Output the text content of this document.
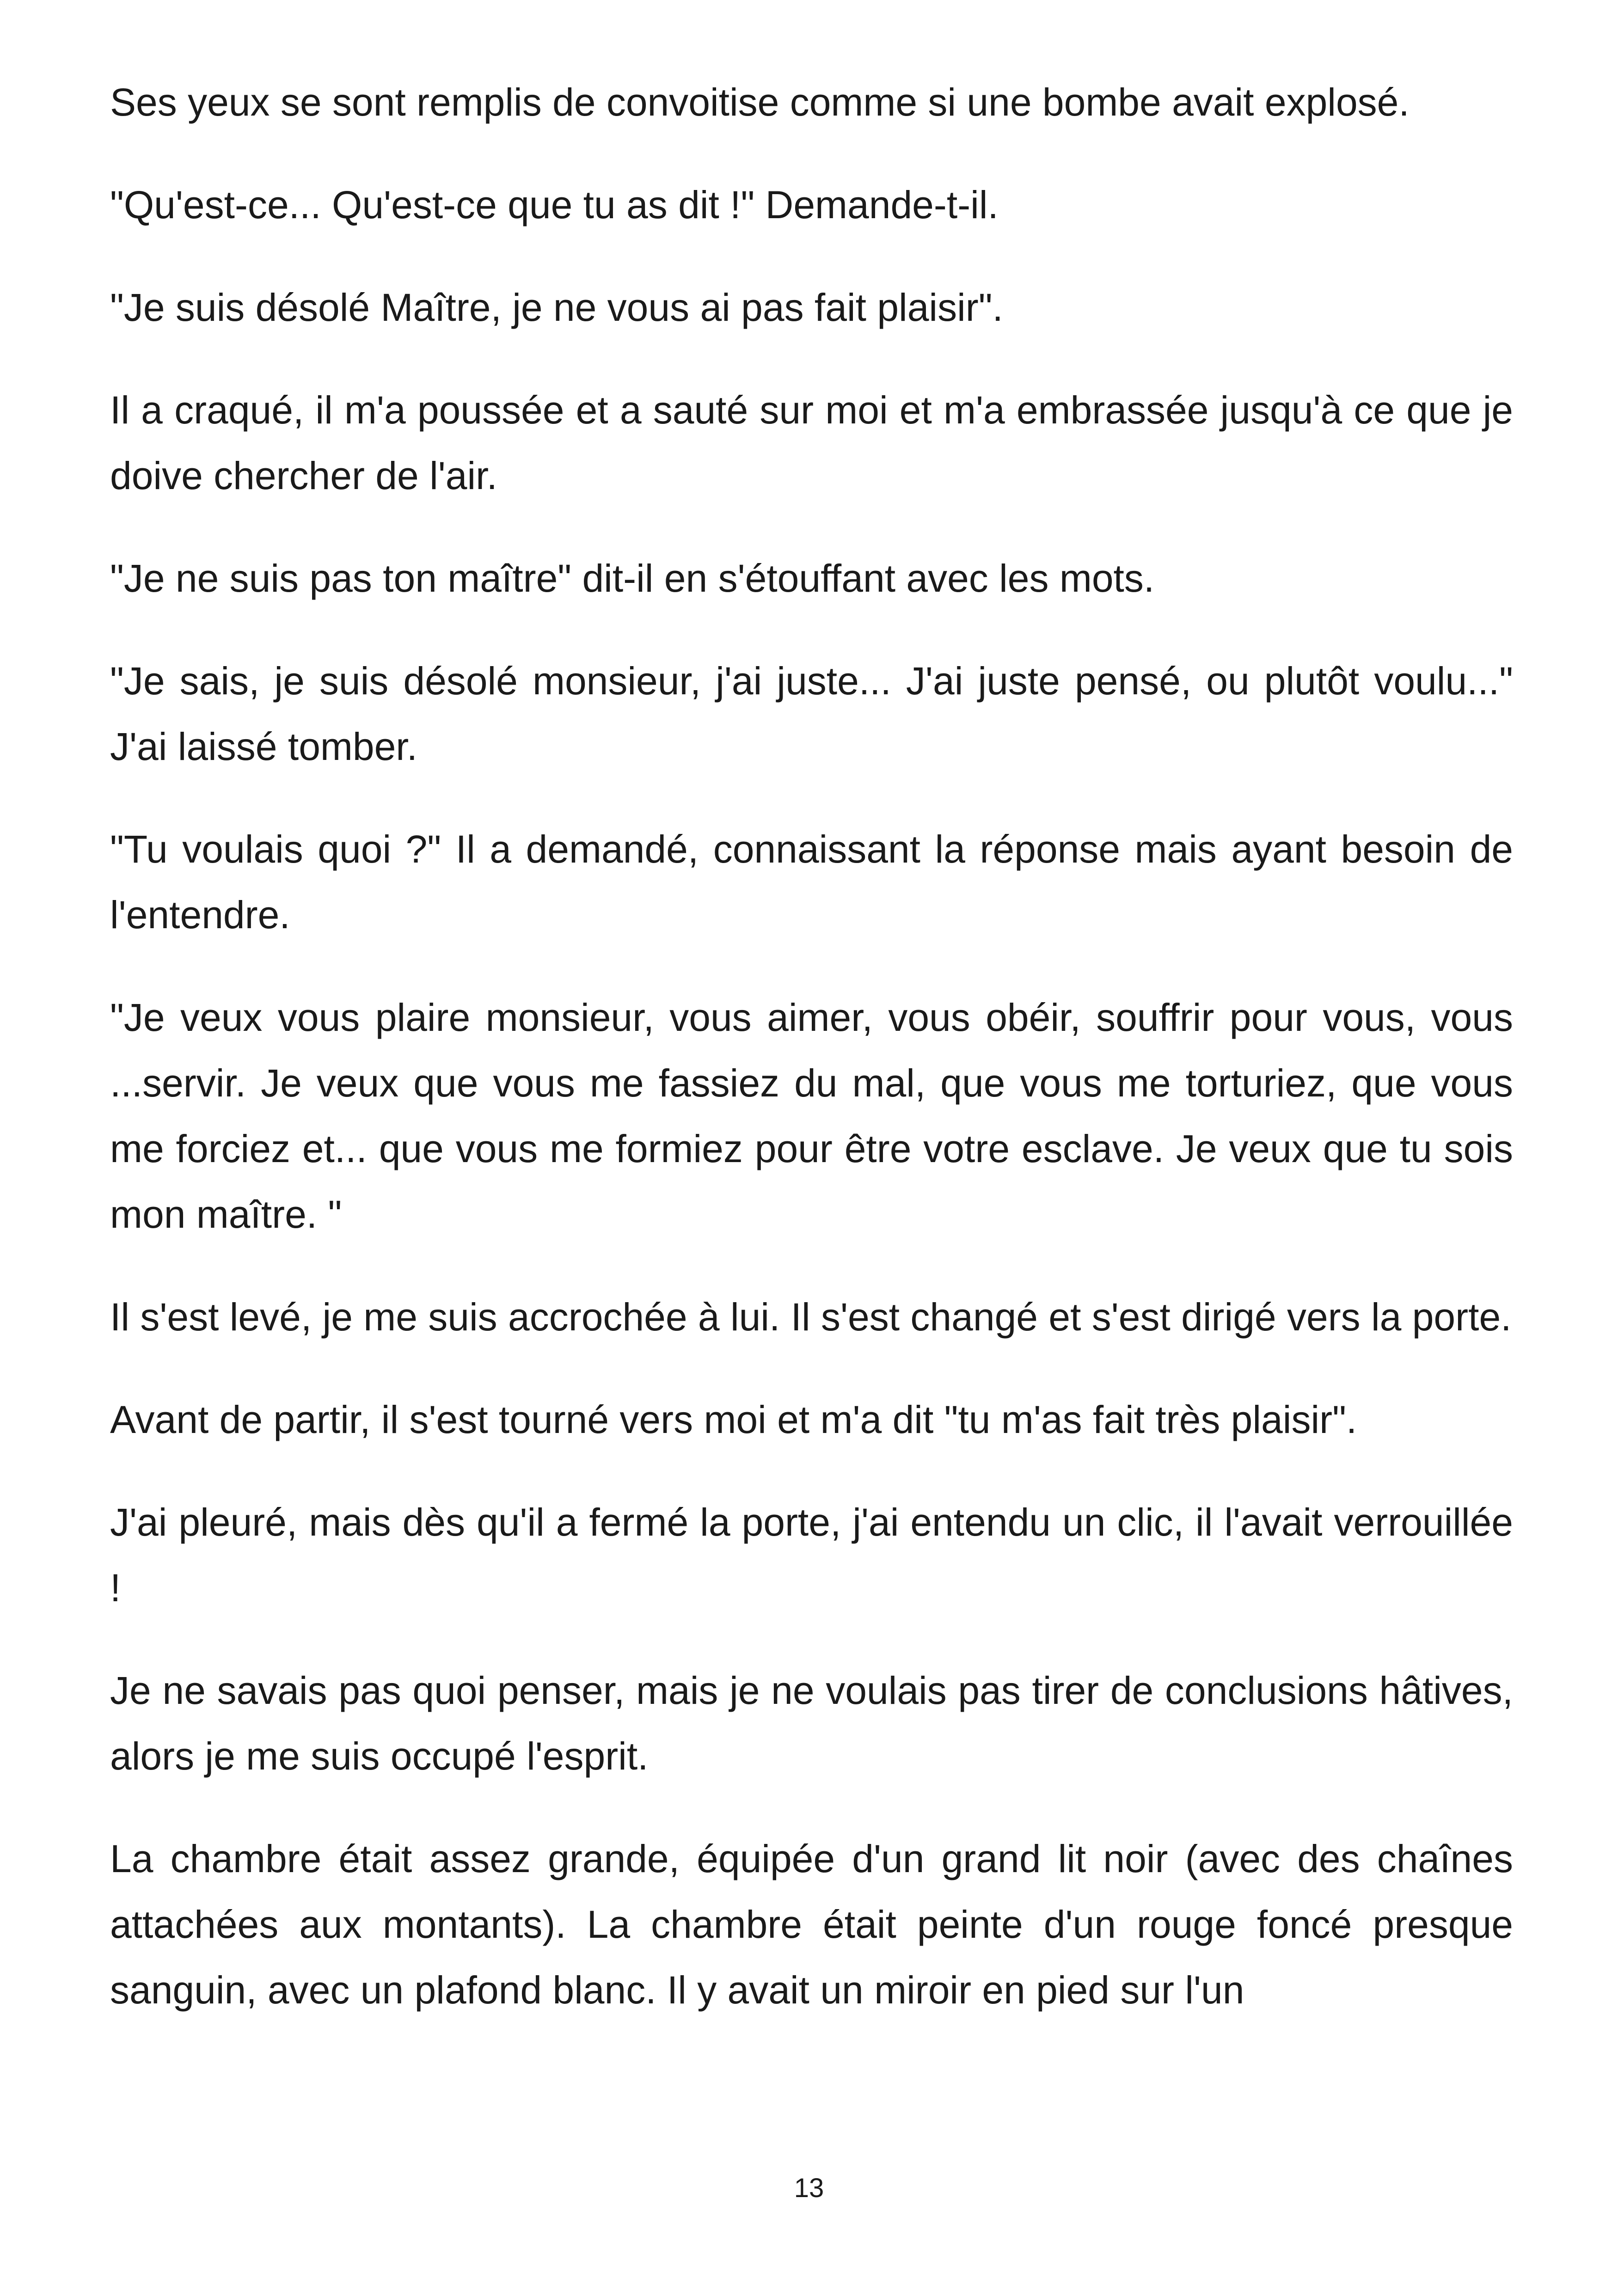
Ses yeux se sont remplis de convoitise comme si une bombe avait explosé.

"Qu'est-ce... Qu'est-ce que tu as dit !" Demande-t-il.

"Je suis désolé Maître, je ne vous ai pas fait plaisir".

Il a craqué, il m'a poussée et a sauté sur moi et m'a embrassée jusqu'à ce que je doive chercher de l'air.

"Je ne suis pas ton maître" dit-il en s'étouffant avec les mots.

"Je sais, je suis désolé monsieur, j'ai juste... J'ai juste pensé, ou plutôt voulu..." J'ai laissé tomber.

"Tu voulais quoi ?" Il a demandé, connaissant la réponse mais ayant besoin de l'entendre.

"Je veux vous plaire monsieur, vous aimer, vous obéir, souffrir pour vous, vous ...servir. Je veux que vous me fassiez du mal, que vous me torturiez, que vous me forciez et... que vous me formiez pour être votre esclave. Je veux que tu sois mon maître. "

Il s'est levé, je me suis accrochée à lui. Il s'est changé et s'est dirigé vers la porte.

Avant de partir, il s'est tourné vers moi et m'a dit "tu m'as fait très plaisir".

J'ai pleuré, mais dès qu'il a fermé la porte, j'ai entendu un clic, il l'avait verrouillée !

Je ne savais pas quoi penser, mais je ne voulais pas tirer de conclusions hâtives, alors je me suis occupé l'esprit.

La chambre était assez grande, équipée d'un grand lit noir (avec des chaînes attachées aux montants). La chambre était peinte d'un rouge foncé presque sanguin, avec un plafond blanc. Il y avait un miroir en pied sur l'un

13
